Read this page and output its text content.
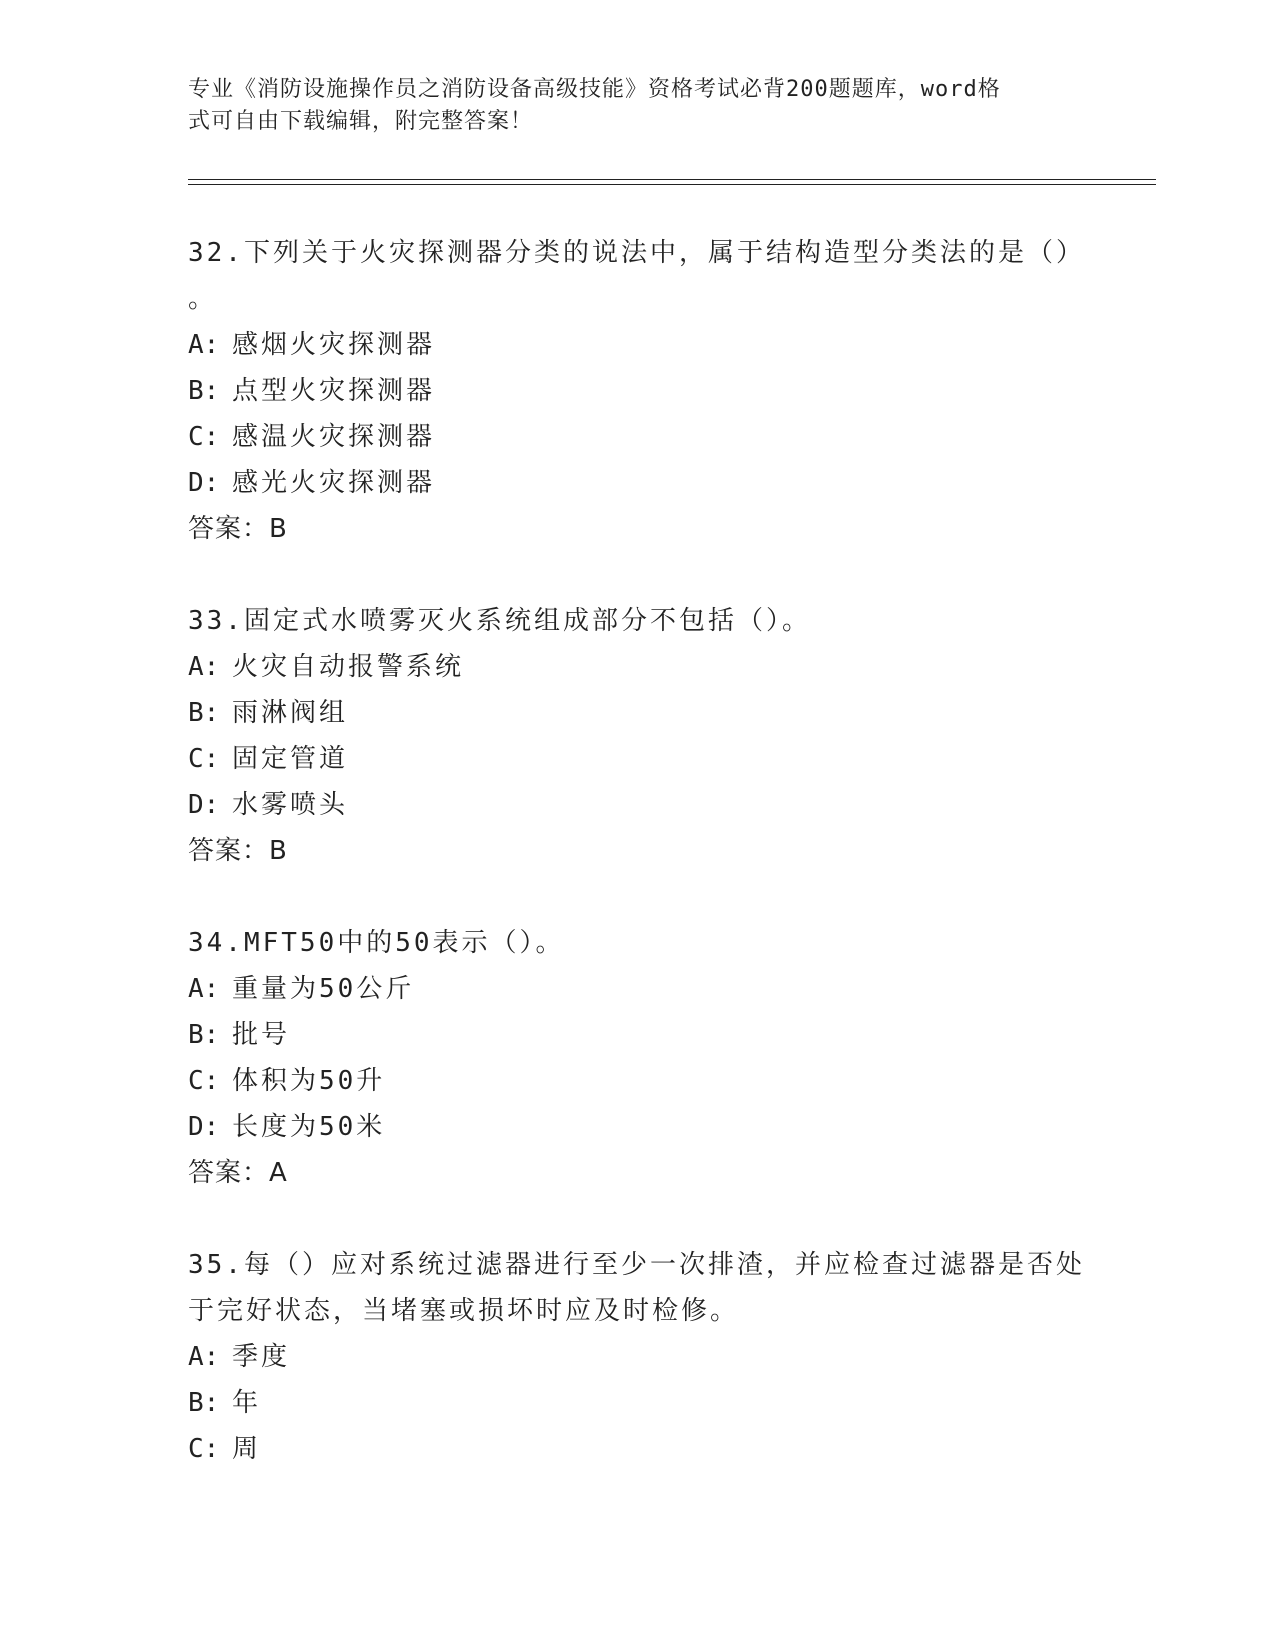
专业《消防设施操作员之消防设备高级技能》资格考试必背200题题库，word格
式可自由下载编辑，附完整答案！
32.下列关于火灾探测器分类的说法中，属于结构造型分类法的是（）
。
A: 感烟火灾探测器
B: 点型火灾探测器
C: 感温火灾探测器
D: 感光火灾探测器
答案：B
33.固定式水喷雾灭火系统组成部分不包括（）。
A: 火灾自动报警系统
B: 雨淋阀组
C: 固定管道
D: 水雾喷头
答案：B
34.MFT50中的50表示（）。
A: 重量为50公斤
B: 批号
C: 体积为50升
D: 长度为50米
答案：A
35.每（）应对系统过滤器进行至少一次排渣，并应检查过滤器是否处
于完好状态，当堵塞或损坏时应及时检修。
A: 季度
B: 年
C: 周
